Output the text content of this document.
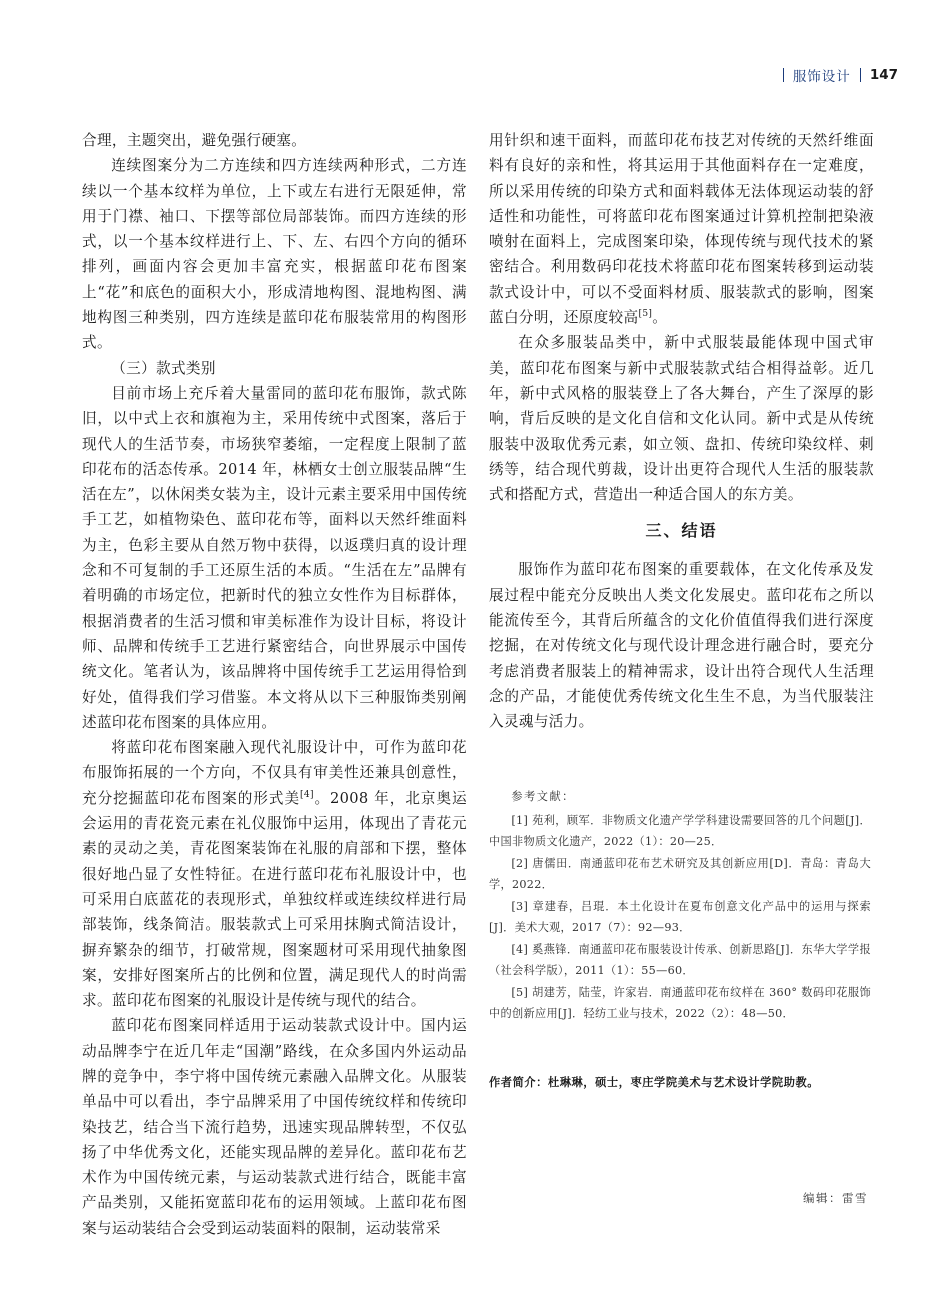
服饰设计 147

合理，主题突出，避免强行硬塞。

连续图案分为二方连续和四方连续两种形式，二方连续以一个基本纹样为单位，上下或左右进行无限延伸，常用于门襟、袖口、下摆等部位局部装饰。而四方连续的形式，以一个基本纹样进行上、下、左、右四个方向的循环排列，画面内容会更加丰富充实，根据蓝印花布图案上“花”和底色的面积大小，形成清地构图、混地构图、满地构图三种类别，四方连续是蓝印花布服装常用的构图形式。

（三）款式类别

目前市场上充斥着大量雷同的蓝印花布服饰，款式陈旧，以中式上衣和旗袍为主，采用传统中式图案，落后于现代人的生活节奏，市场狭窄萎缩，一定程度上限制了蓝印花布的活态传承。2014 年，林栖女士创立服装品牌“生活在左”，以休闲类女装为主，设计元素主要采用中国传统手工艺，如植物染色、蓝印花布等，面料以天然纤维面料为主，色彩主要从自然万物中获得，以返璞归真的设计理念和不可复制的手工还原生活的本质。“生活在左”品牌有着明确的市场定位，把新时代的独立女性作为目标群体，根据消费者的生活习惯和审美标准作为设计目标，将设计师、品牌和传统手工艺进行紧密结合，向世界展示中国传统文化。笔者认为，该品牌将中国传统手工艺运用得恰到好处，值得我们学习借鉴。本文将从以下三种服饰类别阐述蓝印花布图案的具体应用。

将蓝印花布图案融入现代礼服设计中，可作为蓝印花布服饰拓展的一个方向，不仅具有审美性还兼具创意性，充分挖掘蓝印花布图案的形式美[4]。2008 年，北京奥运会运用的青花瓷元素在礼仪服饰中运用，体现出了青花元素的灵动之美，青花图案装饰在礼服的肩部和下摆，整体很好地凸显了女性特征。在进行蓝印花布礼服设计中，也可采用白底蓝花的表现形式，单独纹样或连续纹样进行局部装饰，线条简洁。服装款式上可采用抹胸式简洁设计，摒弃繁杂的细节，打破常规，图案题材可采用现代抽象图案，安排好图案所占的比例和位置，满足现代人的时尚需求。蓝印花布图案的礼服设计是传统与现代的结合。

蓝印花布图案同样适用于运动装款式设计中。国内运动品牌李宁在近几年走“国潮”路线，在众多国内外运动品牌的竞争中，李宁将中国传统元素融入品牌文化。从服装单品中可以看出，李宁品牌采用了中国传统纹样和传统印染技艺，结合当下流行趋势，迅速实现品牌转型，不仅弘扬了中华优秀文化，还能实现品牌的差异化。蓝印花布艺术作为中国传统元素，与运动装款式进行结合，既能丰富产品类别，又能拓宽蓝印花布的运用领域。上蓝印花布图案与运动装结合会受到运动装面料的限制，运动装常采

用针织和速干面料，而蓝印花布技艺对传统的天然纤维面料有良好的亲和性，将其运用于其他面料存在一定难度，所以采用传统的印染方式和面料载体无法体现运动装的舒适性和功能性，可将蓝印花布图案通过计算机控制把染液喷射在面料上，完成图案印染，体现传统与现代技术的紧密结合。利用数码印花技术将蓝印花布图案转移到运动装款式设计中，可以不受面料材质、服装款式的影响，图案蓝白分明，还原度较高[5]。

在众多服装品类中，新中式服装最能体现中国式审美，蓝印花布图案与新中式服装款式结合相得益彰。近几年，新中式风格的服装登上了各大舞台，产生了深厚的影响，背后反映的是文化自信和文化认同。新中式是从传统服装中汲取优秀元素，如立领、盘扣、传统印染纹样、刺绣等，结合现代剪裁，设计出更符合现代人生活的服装款式和搭配方式，营造出一种适合国人的东方美。

三、结语

服饰作为蓝印花布图案的重要载体，在文化传承及发展过程中能充分反映出人类文化发展史。蓝印花布之所以能流传至今，其背后所蕴含的文化价值值得我们进行深度挖掘，在对传统文化与现代设计理念进行融合时，要充分考虑消费者服装上的精神需求，设计出符合现代人生活理念的产品，才能使优秀传统文化生生不息，为当代服装注入灵魂与活力。

参考文献：

[1] 苑利，顾军．非物质文化遗产学学科建设需要回答的几个问题[J]．中国非物质文化遗产，2022（1）：20—25．

[2] 唐儒田．南通蓝印花布艺术研究及其创新应用[D]．青岛：青岛大学，2022．

[3] 章建春，吕琨．本土化设计在夏布创意文化产品中的运用与探索[J]．美术大观，2017（7）：92—93．

[4] 奚燕锋．南通蓝印花布服装设计传承、创新思路[J]．东华大学学报（社会科学版），2011（1）：55—60．

[5] 胡建芳，陆莹，许家岩．南通蓝印花布纹样在 360° 数码印花服饰中的创新应用[J]．轻纺工业与技术，2022（2）：48—50．

作者简介：杜琳琳，硕士，枣庄学院美术与艺术设计学院助教。
编辑：雷雪
